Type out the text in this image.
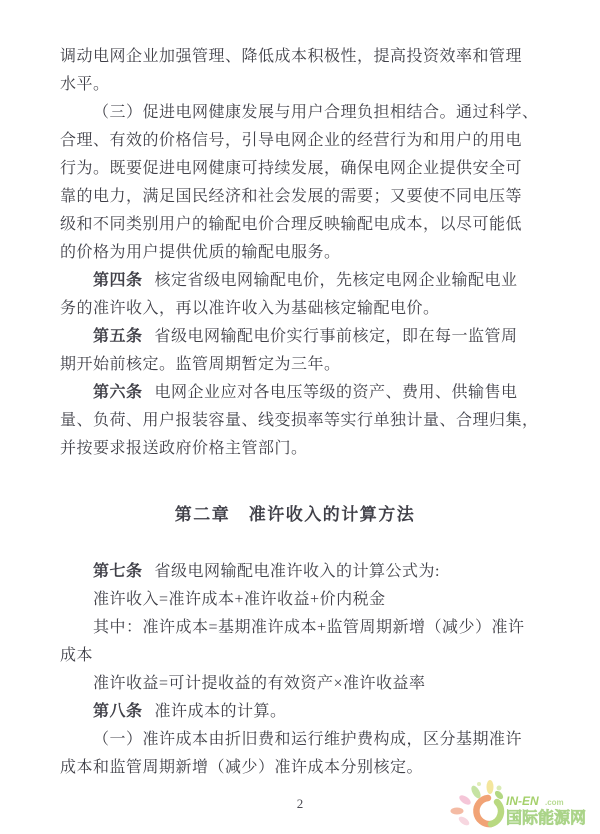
调动电网企业加强管理、降低成本积极性，提高投资效率和管理
水平。
（三）促进电网健康发展与用户合理负担相结合。通过科学、
合理、有效的价格信号，引导电网企业的经营行为和用户的用电
行为。既要促进电网健康可持续发展，确保电网企业提供安全可
靠的电力，满足国民经济和社会发展的需要；又要使不同电压等
级和不同类别用户的输配电价合理反映输配电成本，以尽可能低
的价格为用户提供优质的输配电服务。
第四条 核定省级电网输配电价，先核定电网企业输配电业
务的准许收入，再以准许收入为基础核定输配电价。
第五条 省级电网输配电价实行事前核定，即在每一监管周
期开始前核定。监管周期暂定为三年。
第六条 电网企业应对各电压等级的资产、费用、供输售电
量、负荷、用户报装容量、线变损率等实行单独计量、合理归集，
并按要求报送政府价格主管部门。
第二章　准许收入的计算方法
第七条 省级电网输配电准许收入的计算公式为:
准许收入=准许成本+准许收益+价内税金
其中：准许成本=基期准许成本+监管周期新增（减少）准许
成本
准许收益=可计提收益的有效资产×准许收益率
第八条 准许成本的计算。
（一）准许成本由折旧费和运行维护费构成，区分基期准许
成本和监管周期新增（减少）准许成本分别核定。
2	IN-EN .com
国际能源网
